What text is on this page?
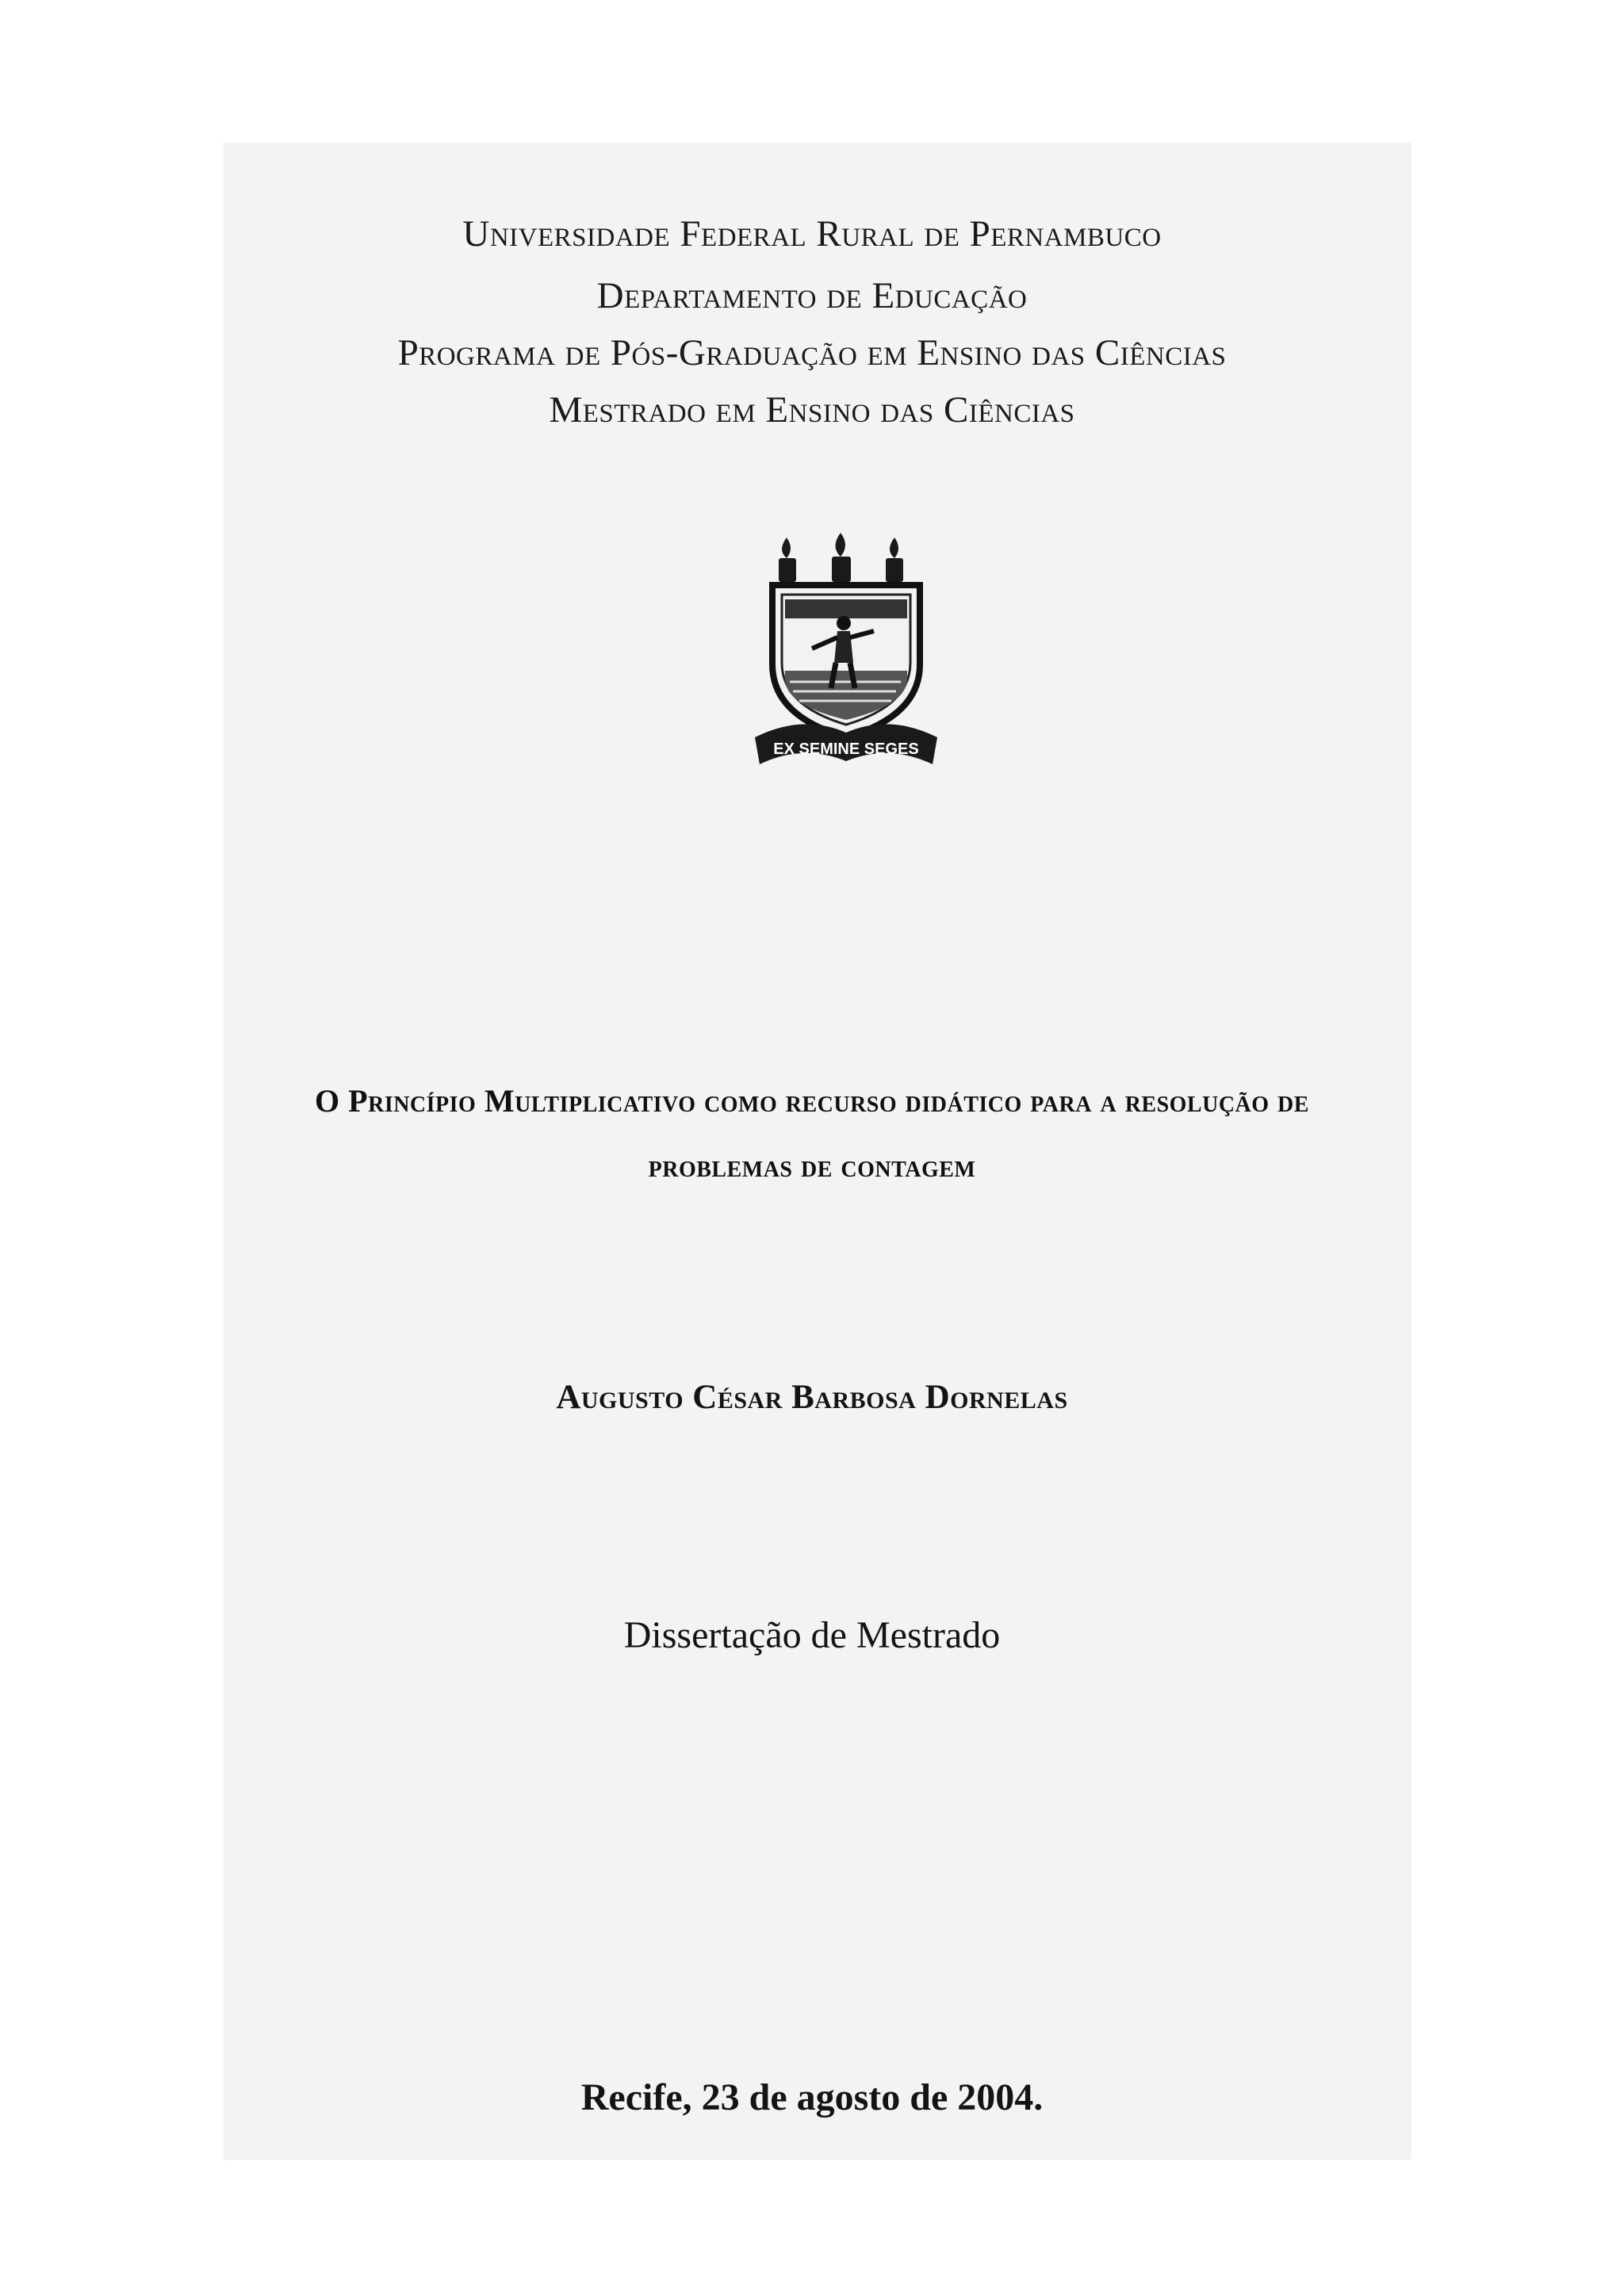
Universidade Federal Rural de Pernambuco
Departamento de Educação
Programa de Pós-Graduação em Ensino das Ciências
Mestrado em Ensino das Ciências
EX SEMINE SEGES
O Princípio Multiplicativo como recurso didático para a resolução de
problemas de contagem
Augusto César Barbosa Dornelas
Dissertação de Mestrado
Recife, 23 de agosto de 2004.
